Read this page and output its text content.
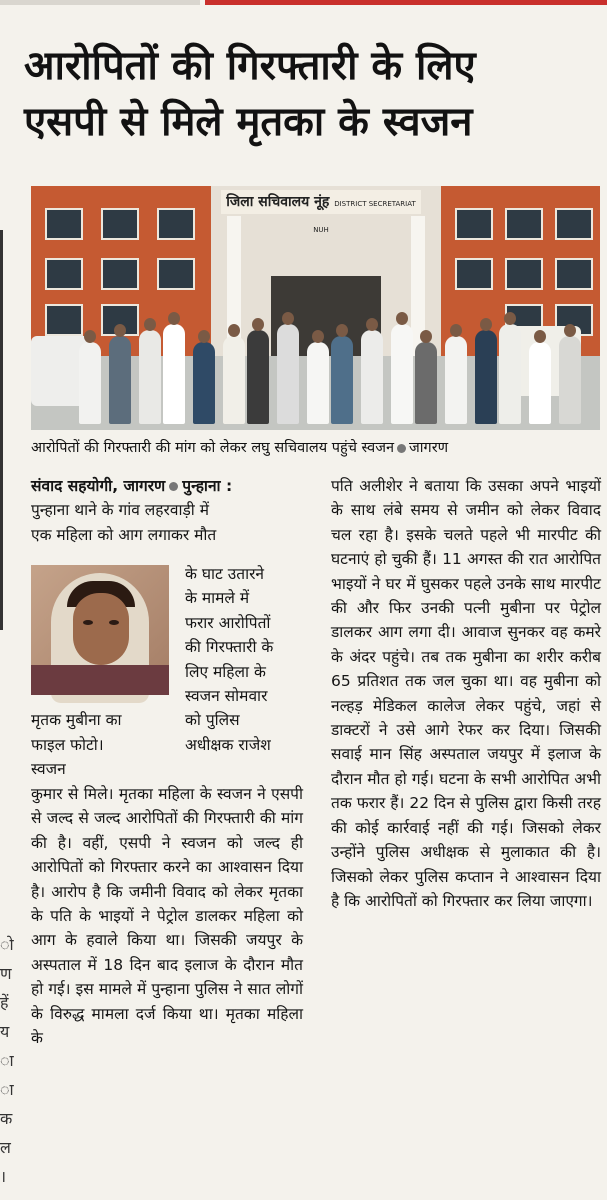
ो
ण
हें
य
ा
ा
क
ल
।
आरोपितों की गिरफ्तारी के लिए
एसपी से मिले मृतका के स्वजन
जिला सचिवालय नूंह DISTRICT SECRETARIAT NUH
आरोपितों की गिरफ्तारी की मांग को लेकर लघु सचिवालय पहुंचे स्वजन जागरण
संवाद सहयोगी, जागरण पुन्हाना :
पुन्हाना थाने के गांव लहरवाड़ी में
एक महिला को आग लगाकर मौत
के घाट उतारने
के मामले में
फरार आरोपितों
की गिरफ्तारी के
लिए महिला के
स्वजन सोमवार
को पुलिस
अधीक्षक राजेश
मृतक मुबीना का
फाइल फोटो।
स्वजन
कुमार से मिले। मृतका महिला के स्वजन ने एसपी से जल्द से जल्द आरोपितों की गिरफ्तारी की मांग की है। वहीं, एसपी ने स्वजन को जल्द ही आरोपितों को गिरफ्तार करने का आश्वासन दिया है। आरोप है कि जमीनी विवाद को लेकर मृतका के पति के भाइयों ने पेट्रोल डालकर महिला को आग के हवाले किया था। जिसकी जयपुर के अस्पताल में 18 दिन बाद इलाज के दौरान मौत हो गई। इस मामले में पुन्हाना पुलिस ने सात लोगों के विरुद्ध मामला दर्ज किया था। मृतका महिला के
पति अलीशेर ने बताया कि उसका अपने भाइयों के साथ लंबे समय से जमीन को लेकर विवाद चल रहा है। इसके चलते पहले भी मारपीट की घटनाएं हो चुकी हैं। 11 अगस्त की रात आरोपित भाइयों ने घर में घुसकर पहले उनके साथ मारपीट की और फिर उनकी पत्नी मुबीना पर पेट्रोल डालकर आग लगा दी। आवाज सुनकर वह कमरे के अंदर पहुंचे। तब तक मुबीना का शरीर करीब 65 प्रतिशत तक जल चुका था। वह मुबीना को नल्हड़ मेडिकल कालेज लेकर पहुंचे, जहां से डाक्टरों ने उसे आगे रेफर कर दिया। जिसकी सवाई मान सिंह अस्पताल जयपुर में इलाज के दौरान मौत हो गई। घटना के सभी आरोपित अभी तक फरार हैं। 22 दिन से पुलिस द्वारा किसी तरह की कोई कार्रवाई नहीं की गई। जिसको लेकर उन्होंने पुलिस अधीक्षक से मुलाकात की है। जिसको लेकर पुलिस कप्तान ने आश्वासन दिया है कि आरोपितों को गिरफ्तार कर लिया जाएगा।
